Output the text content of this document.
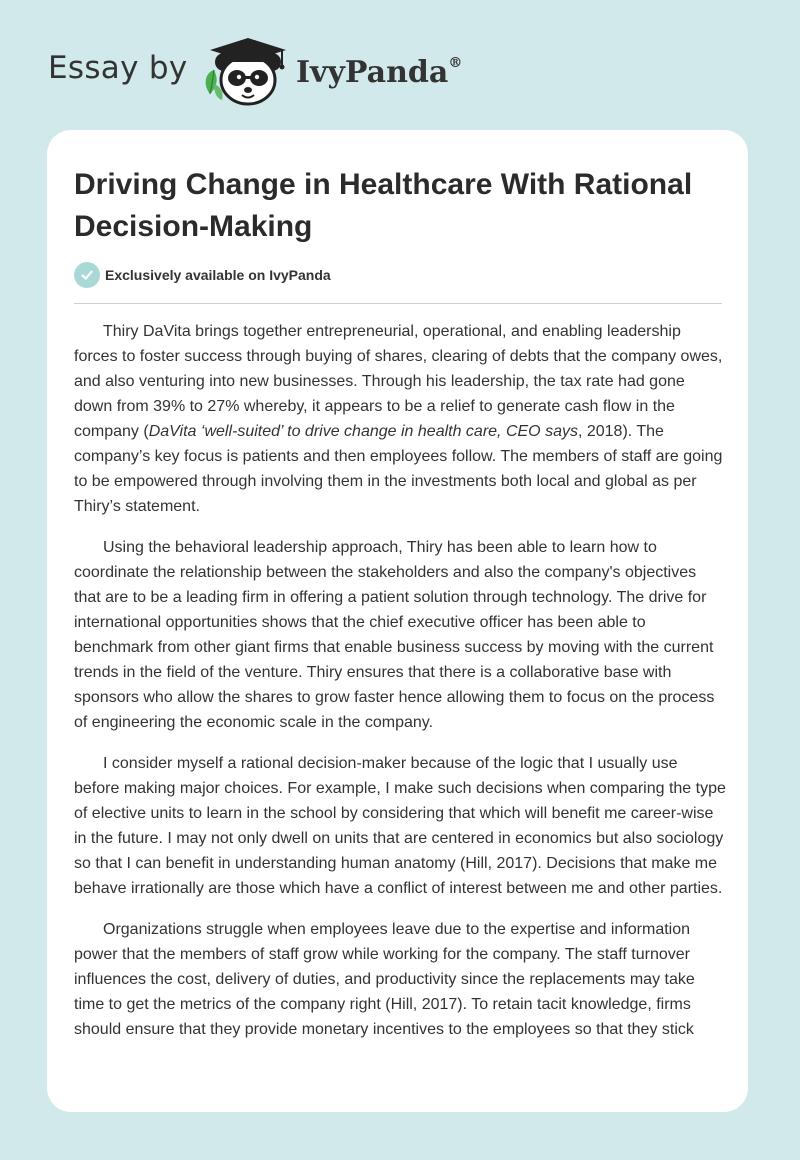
Essay by	IvyPanda®
Driving Change in Healthcare With Rational Decision-Making
Exclusively available on IvyPanda

Thiry DaVita brings together entrepreneurial, operational, and enabling leadership forces to foster success through buying of shares, clearing of debts that the company owes, and also venturing into new businesses. Through his leadership, the tax rate had gone down from 39% to 27% whereby, it appears to be a relief to generate cash flow in the company (DaVita ‘well-suited’ to drive change in health care, CEO says, 2018). The company’s key focus is patients and then employees follow. The members of staff are going to be empowered through involving them in the investments both local and global as per Thiry’s statement.

Using the behavioral leadership approach, Thiry has been able to learn how to coordinate the relationship between the stakeholders and also the company's objectives that are to be a leading firm in offering a patient solution through technology. The drive for international opportunities shows that the chief executive officer has been able to benchmark from other giant firms that enable business success by moving with the current trends in the field of the venture. Thiry ensures that there is a collaborative base with sponsors who allow the shares to grow faster hence allowing them to focus on the process of engineering the economic scale in the company.

I consider myself a rational decision-maker because of the logic that I usually use before making major choices. For example, I make such decisions when comparing the type of elective units to learn in the school by considering that which will benefit me career-wise in the future. I may not only dwell on units that are centered in economics but also sociology so that I can benefit in understanding human anatomy (Hill, 2017). Decisions that make me behave irrationally are those which have a conflict of interest between me and other parties.

Organizations struggle when employees leave due to the expertise and information power that the members of staff grow while working for the company. The staff turnover influences the cost, delivery of duties, and productivity since the replacements may take time to get the metrics of the company right (Hill, 2017). To retain tacit knowledge, firms should ensure that they provide monetary incentives to the employees so that they stick
